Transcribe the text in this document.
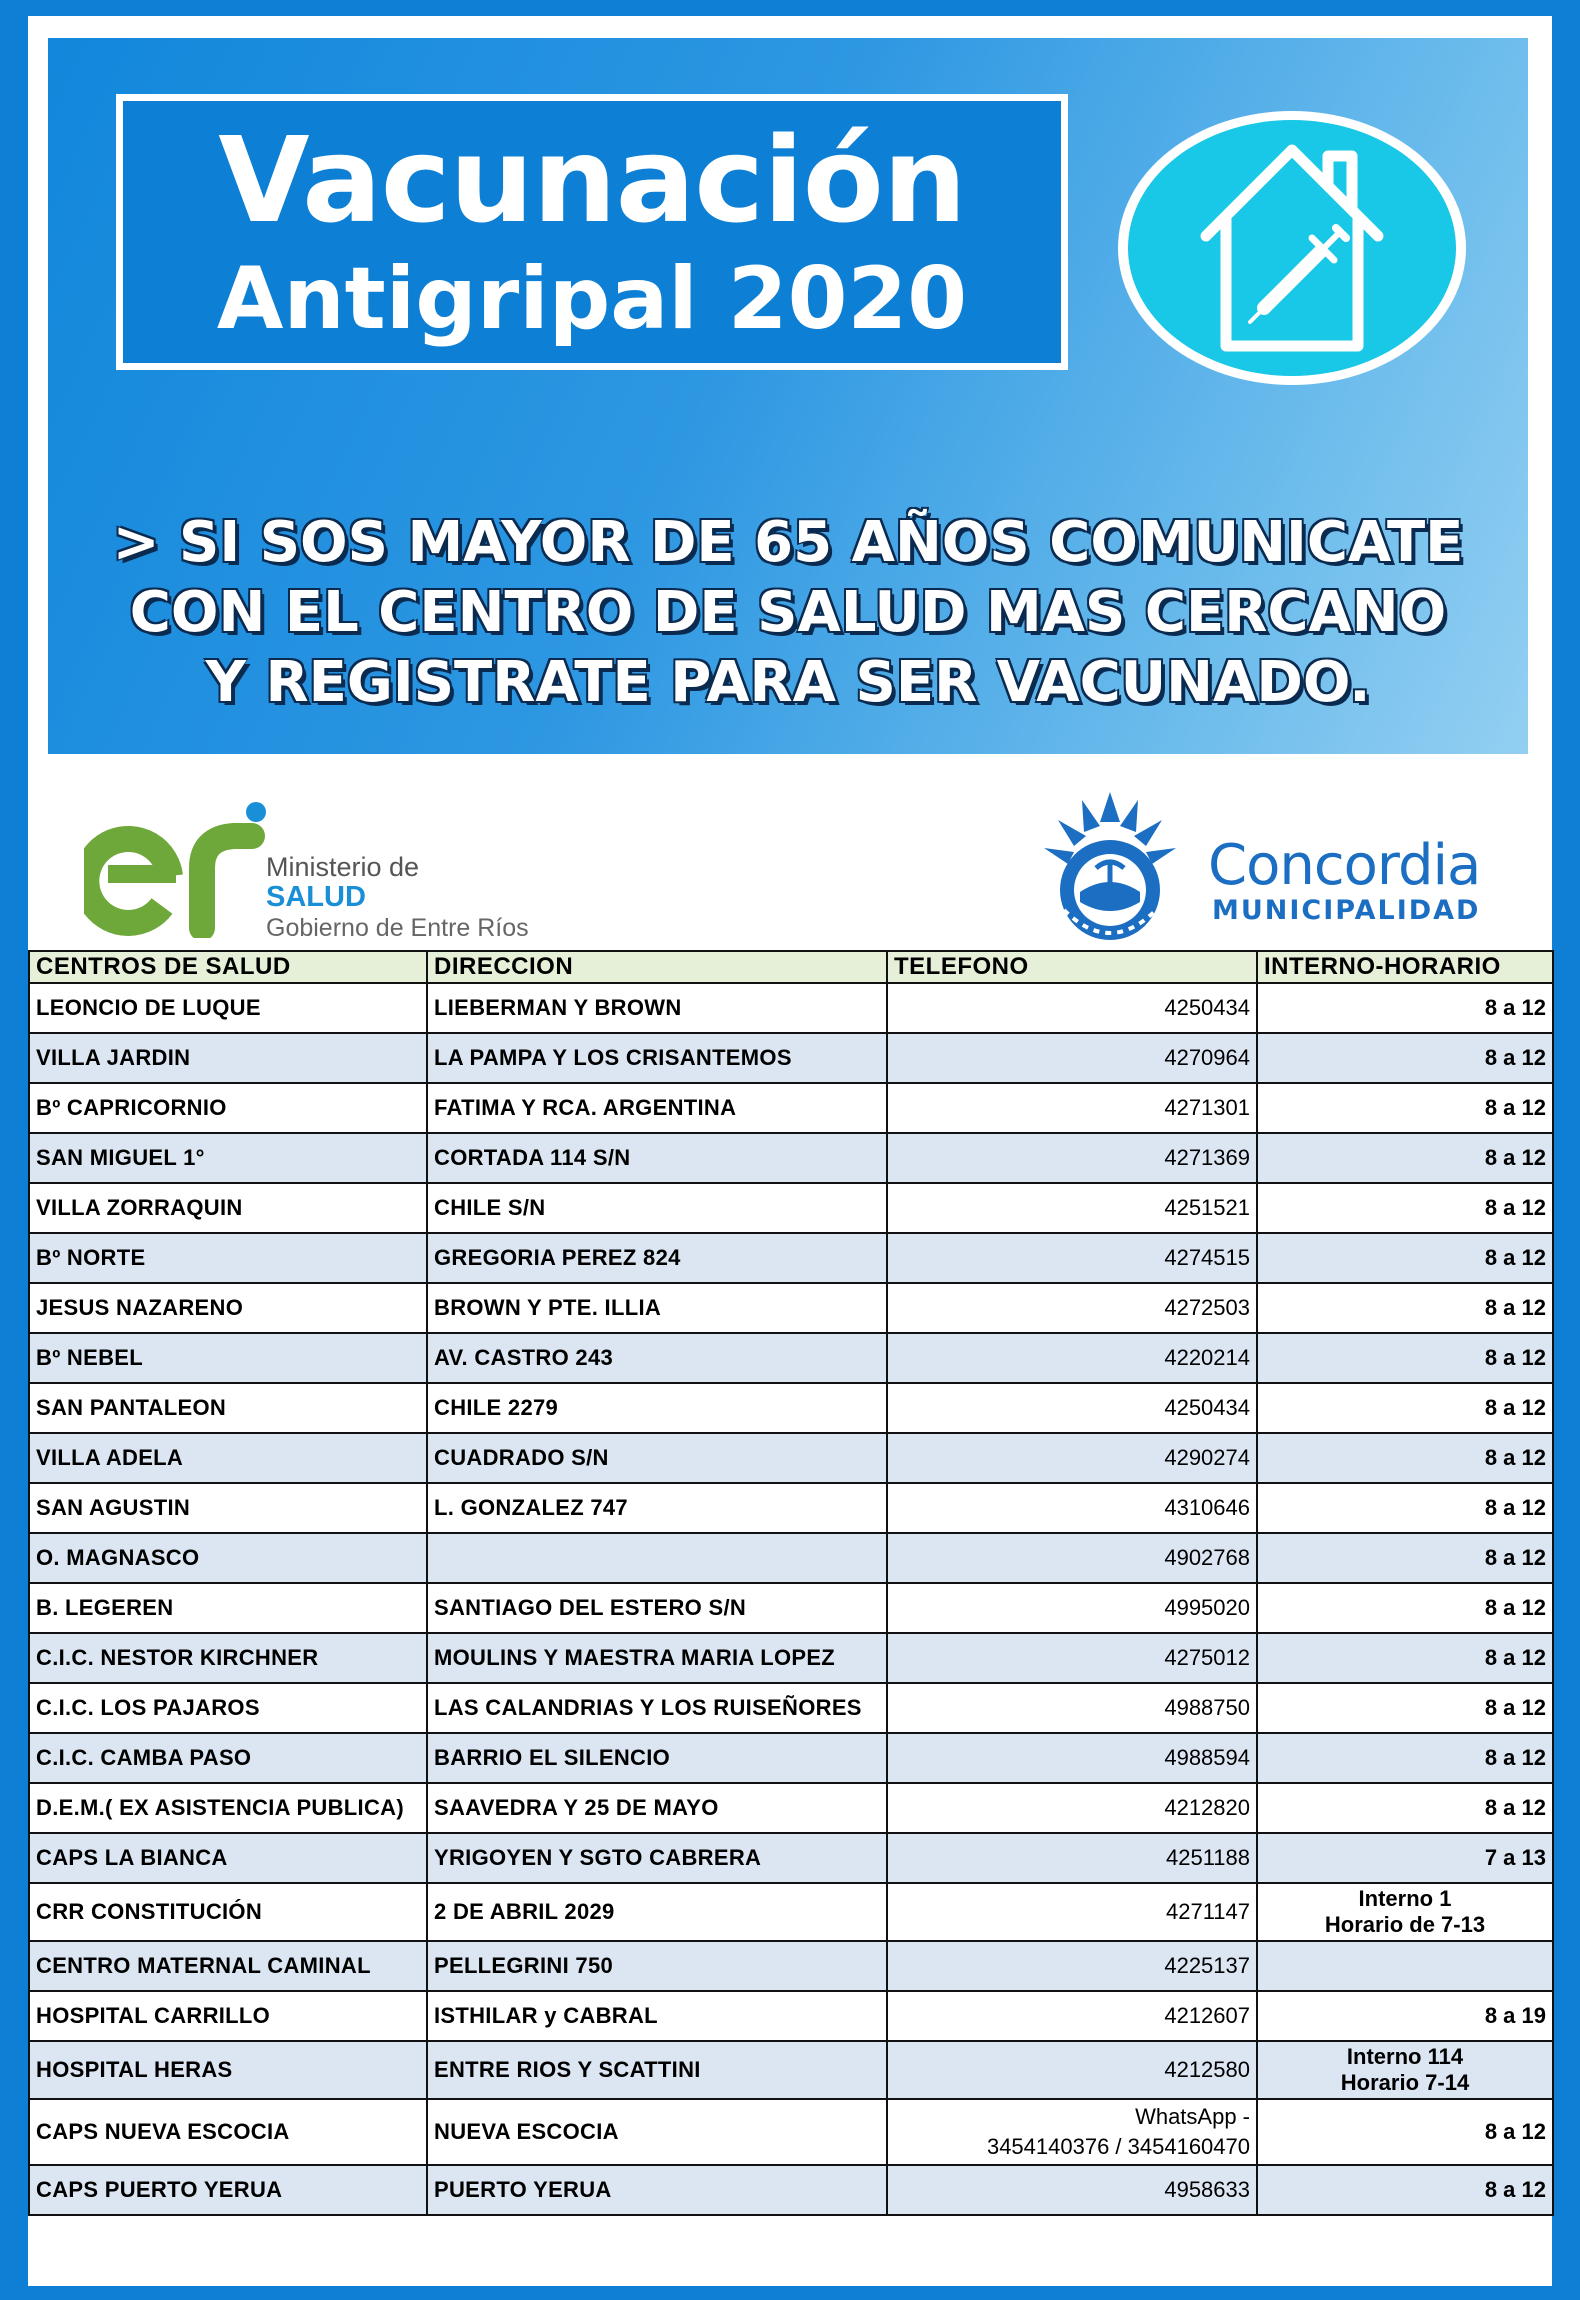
Vacunación
Antigripal 2020
> SI SOS MAYOR DE 65 AÑOS COMUNICATE
CON EL CENTRO DE SALUD MAS CERCANO
Y REGISTRATE PARA SER VACUNADO.
Ministerio de
SALUD
Gobierno de Entre Ríos
Concordia
MUNICIPALIDAD
CENTROS DE SALUD	DIRECCION	TELEFONO	INTERNO-HORARIO
LEONCIO DE LUQUE	LIEBERMAN Y BROWN	4250434	8 a 12
VILLA JARDIN	LA PAMPA Y LOS CRISANTEMOS	4270964	8 a 12
Bº CAPRICORNIO	FATIMA Y RCA. ARGENTINA	4271301	8 a 12
SAN MIGUEL 1°	CORTADA 114 S/N	4271369	8 a 12
VILLA ZORRAQUIN	CHILE S/N	4251521	8 a 12
Bº NORTE	GREGORIA PEREZ 824	4274515	8 a 12
JESUS NAZARENO	BROWN Y PTE. ILLIA	4272503	8 a 12
Bº NEBEL	AV. CASTRO 243	4220214	8 a 12
SAN PANTALEON	CHILE 2279	4250434	8 a 12
VILLA ADELA	CUADRADO S/N	4290274	8 a 12
SAN AGUSTIN	L. GONZALEZ 747	4310646	8 a 12
O. MAGNASCO		4902768	8 a 12
B. LEGEREN	SANTIAGO DEL ESTERO S/N	4995020	8 a 12
C.I.C. NESTOR KIRCHNER	MOULINS Y MAESTRA MARIA LOPEZ	4275012	8 a 12
C.I.C. LOS PAJAROS	LAS CALANDRIAS Y LOS RUISEÑORES	4988750	8 a 12
C.I.C. CAMBA PASO	BARRIO EL SILENCIO	4988594	8 a 12
D.E.M.( EX ASISTENCIA PUBLICA)	SAAVEDRA Y 25 DE MAYO	4212820	8 a 12
CAPS LA BIANCA	YRIGOYEN Y SGTO CABRERA	4251188	7 a 13
CRR CONSTITUCIÓN	2 DE ABRIL 2029	4271147	Interno 1
Horario de 7-13

CENTRO MATERNAL CAMINAL	PELLEGRINI 750	4225137	
HOSPITAL CARRILLO	ISTHILAR y CABRAL	4212607	8 a 19
HOSPITAL HERAS	ENTRE RIOS Y SCATTINI	4212580	Interno 114
Horario 7-14

CAPS NUEVA ESCOCIA	NUEVA ESCOCIA	WhatsApp -
3454140376 / 3454160470	8 a 12
CAPS PUERTO YERUA	PUERTO YERUA	4958633	8 a 12
